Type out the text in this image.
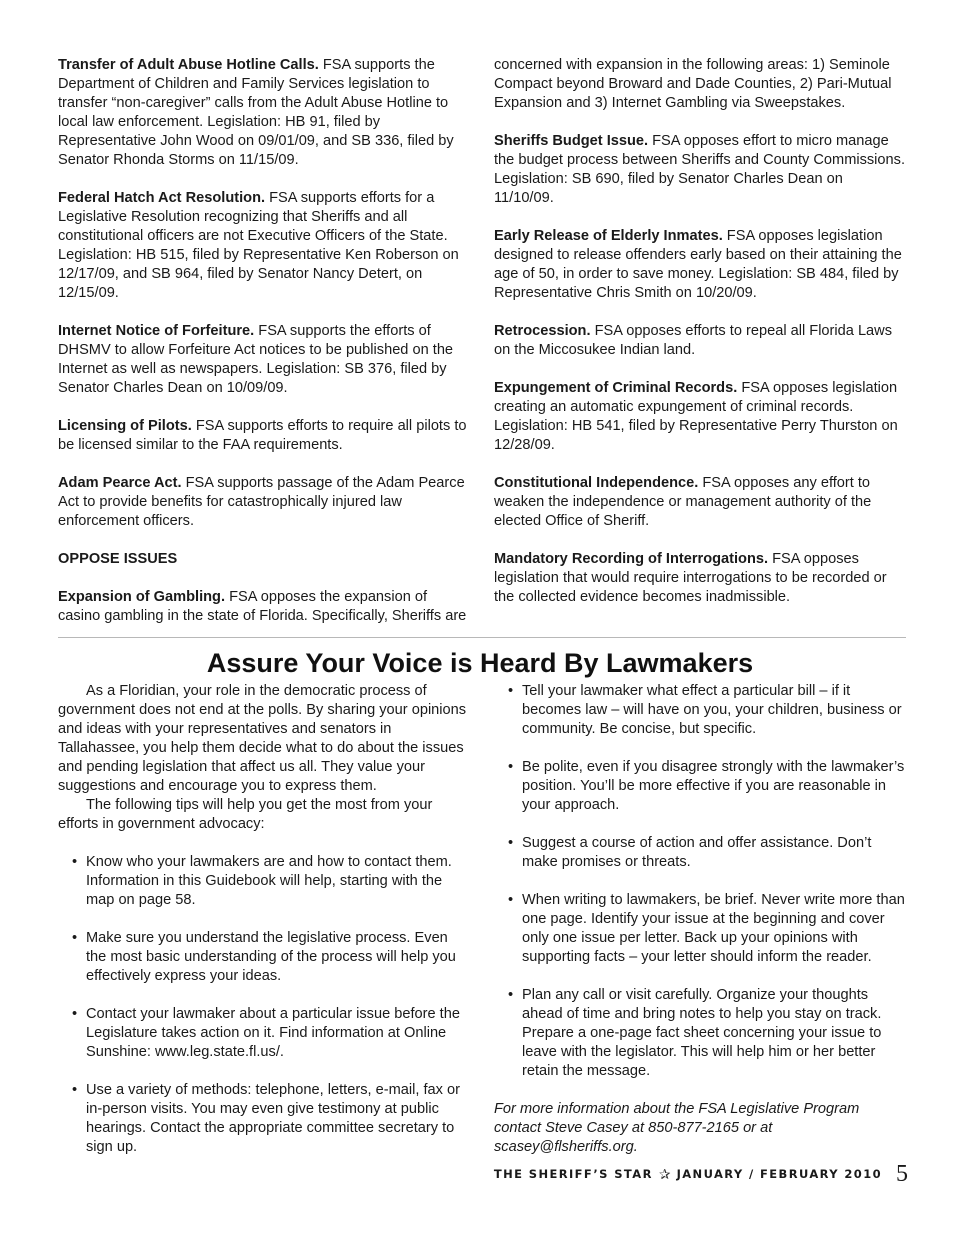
Transfer of Adult Abuse Hotline Calls. FSA supports the Department of Children and Family Services legislation to transfer “non-caregiver” calls from the Adult Abuse Hotline to local law enforcement. Legislation: HB 91, filed by Representative John Wood on 09/01/09, and SB 336, filed by Senator Rhonda Storms on 11/15/09.

Federal Hatch Act Resolution. FSA supports efforts for a Legislative Resolution recognizing that Sheriffs and all constitutional officers are not Executive Officers of the State. Legislation: HB 515, filed by Representative Ken Roberson on 12/17/09, and SB 964, filed by Senator Nancy Detert, on 12/15/09.

Internet Notice of Forfeiture. FSA supports the efforts of DHSMV to allow Forfeiture Act notices to be published on the Internet as well as newspapers. Legislation: SB 376, filed by Senator Charles Dean on 10/09/09.

Licensing of Pilots. FSA supports efforts to require all pilots to be licensed similar to the FAA requirements.

Adam Pearce Act. FSA supports passage of the Adam Pearce Act to provide benefits for catastrophically injured law enforcement officers.

OPPOSE ISSUES

Expansion of Gambling. FSA opposes the expansion of casino gambling in the state of Florida. Specifically, Sheriffs are

concerned with expansion in the following areas: 1) Seminole Compact beyond Broward and Dade Counties, 2) Pari-Mutual Expansion and 3) Internet Gambling via Sweepstakes.

Sheriffs Budget Issue. FSA opposes effort to micro manage the budget process between Sheriffs and County Commissions. Legislation: SB 690, filed by Senator Charles Dean on 11/10/09.

Early Release of Elderly Inmates. FSA opposes legislation designed to release offenders early based on their attaining the age of 50, in order to save money. Legislation: SB 484, filed by Representative Chris Smith on 10/20/09.

Retrocession. FSA opposes efforts to repeal all Florida Laws on the Miccosukee Indian land.

Expungement of Criminal Records. FSA opposes legislation creating an automatic expungement of criminal records. Legislation: HB 541, filed by Representative Perry Thurston on 12/28/09.

Constitutional Independence. FSA opposes any effort to weaken the independence or management authority of the elected Office of Sheriff.

Mandatory Recording of Interrogations. FSA opposes legislation that would require interrogations to be recorded or the collected evidence becomes inadmissible.

Assure Your Voice is Heard By Lawmakers

As a Floridian, your role in the democratic process of government does not end at the polls. By sharing your opinions and ideas with your representatives and senators in Tallahassee, you help them decide what to do about the issues and pending legislation that affect us all. They value your suggestions and encourage you to express them.

The following tips will help you get the most from your efforts in government advocacy:

• Know who your lawmakers are and how to contact them. Information in this Guidebook will help, starting with the map on page 58.
• Make sure you understand the legislative process. Even the most basic understanding of the process will help you effectively express your ideas.
• Contact your lawmaker about a particular issue before the Legislature takes action on it. Find information at Online Sunshine: www.leg.state.fl.us/.
• Use a variety of methods: telephone, letters, e-mail, fax or in-person visits. You may even give testimony at public hearings. Contact the appropriate committee secretary to sign up.
• Tell your lawmaker what effect a particular bill – if it becomes law – will have on you, your children, business or community. Be concise, but specific.
• Be polite, even if you disagree strongly with the lawmaker’s position. You’ll be more effective if you are reasonable in your approach.
• Suggest a course of action and offer assistance. Don’t make promises or threats.
• When writing to lawmakers, be brief. Never write more than one page. Identify your issue at the beginning and cover only one issue per letter. Back up your opinions with supporting facts – your letter should inform the reader.
• Plan any call or visit carefully. Organize your thoughts ahead of time and bring notes to help you stay on track. Prepare a one-page fact sheet concerning your issue to leave with the legislator. This will help him or her better retain the message.

For more information about the FSA Legislative Program contact Steve Casey at 850-877-2165 or at scasey@flsheriffs.org.

THE SHERIFF’S STAR ✰ JANUARY / FEBRUARY 2010 5
